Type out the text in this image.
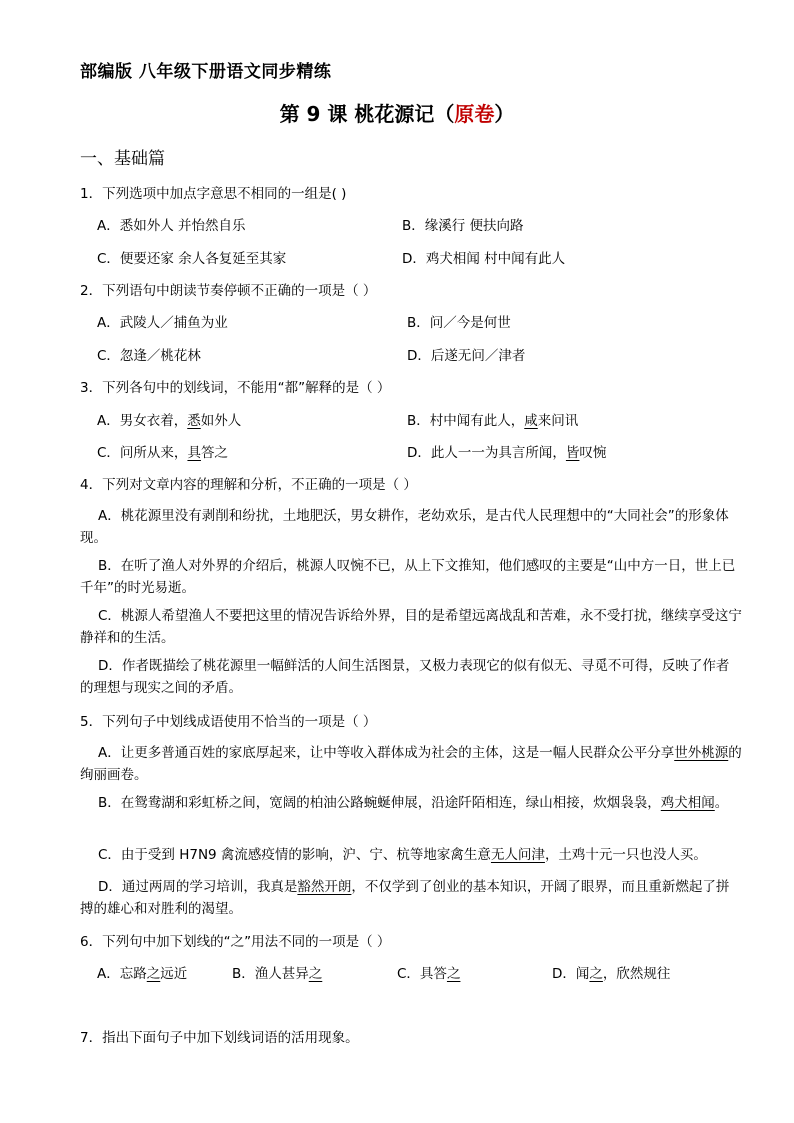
部编版 八年级下册语文同步精练
第 9 课 桃花源记（原卷）
一、基础篇
1．下列选项中加点字意思不相同的一组是( )
A．悉如外人 并怡然自乐	B．缘溪行 便扶向路
C．便要还家 余人各复延至其家	D．鸡犬相闻 村中闻有此人
2．下列语句中朗读节奏停顿不正确的一项是（ ）
A．武陵人／捕鱼为业	B．问／今是何世
C．忽逢／桃花林	D．后遂无问／津者
3．下列各句中的划线词，不能用“都”解释的是（ ）
A．男女衣着，悉如外人	B．村中闻有此人，咸来问讯
C．问所从来，具答之	D．此人一一为具言所闻，皆叹惋
4．下列对文章内容的理解和分析，不正确的一项是（ ）
A．桃花源里没有剥削和纷扰，土地肥沃，男女耕作，老幼欢乐，是古代人民理想中的“大同社会”的形象体现。
B．在听了渔人对外界的介绍后，桃源人叹惋不已，从上下文推知，他们感叹的主要是“山中方一日，世上已千年”的时光易逝。
C．桃源人希望渔人不要把这里的情况告诉给外界，目的是希望远离战乱和苦难，永不受打扰，继续享受这宁静祥和的生活。
D．作者既描绘了桃花源里一幅鲜活的人间生活图景，又极力表现它的似有似无、寻觅不可得，反映了作者的理想与现实之间的矛盾。
5．下列句子中划线成语使用不恰当的一项是（ ）
A．让更多普通百姓的家底厚起来，让中等收入群体成为社会的主体，这是一幅人民群众公平分享世外桃源的绚丽画卷。
B．在鸳鸯湖和彩虹桥之间，宽阔的柏油公路蜿蜒伸展，沿途阡陌相连，绿山相接，炊烟袅袅，鸡犬相闻。
C．由于受到 H7N9 禽流感疫情的影响，沪、宁、杭等地家禽生意无人问津，土鸡十元一只也没人买。
D．通过两周的学习培训，我真是豁然开朗，不仅学到了创业的基本知识，开阔了眼界，而且重新燃起了拼搏的雄心和对胜利的渴望。
6．下列句中加下划线的“之”用法不同的一项是（ ）
A．忘路之远近	B．渔人甚异之	C．具答之	D．闻之，欣然规往
7．指出下面句子中加下划线词语的活用现象。
